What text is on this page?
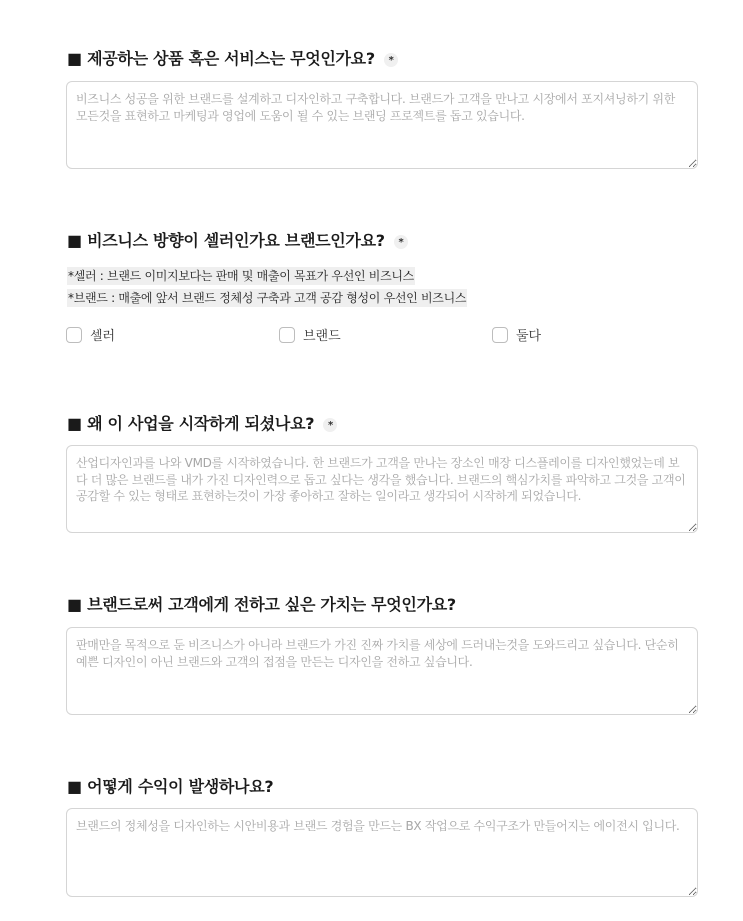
■ 제공하는 상품 혹은 서비스는 무엇인가요? *
비즈니스 성공을 위한 브랜드를 설계하고 디자인하고 구축합니다. 브랜드가 고객을 만나고 시장에서 포지셔닝하기 위한 모든것을 표현하고 마케팅과 영업에 도움이 될 수 있는 브랜딩 프로젝트를 돕고 있습니다.
■ 비즈니스 방향이 셀러인가요 브랜드인가요? *
*셀러 : 브랜드 이미지보다는 판매 및 매출이 목표가 우선인 비즈니스
*브랜드 : 매출에 앞서 브랜드 정체성 구축과 고객 공감 형성이 우선인 비즈니스
셀러	브랜드	둘다
■ 왜 이 사업을 시작하게 되셨나요? *
산업디자인과를 나와 VMD를 시작하였습니다. 한 브랜드가 고객을 만나는 장소인 매장 디스플레이를 디자인했었는데 보다 더 많은 브랜드를 내가 가진 디자인력으로 돕고 싶다는 생각을 했습니다. 브랜드의 핵심가치를 파악하고 그것을 고객이 공감할 수 있는 형태로 표현하는것이 가장 좋아하고 잘하는 일이라고 생각되어 시작하게 되었습니다.
■ 브랜드로써 고객에게 전하고 싶은 가치는 무엇인가요?
판매만을 목적으로 둔 비즈니스가 아니라 브랜드가 가진 진짜 가치를 세상에 드러내는것을 도와드리고 싶습니다. 단순히 예쁜 디자인이 아닌 브랜드와 고객의 접점을 만든는 디자인을 전하고 싶습니다.
■ 어떻게 수익이 발생하나요?
브랜드의 정체성을 디자인하는 시안비용과 브랜드 경험을 만드는 BX 작업으로 수익구조가 만들어지는 에이전시 입니다.
